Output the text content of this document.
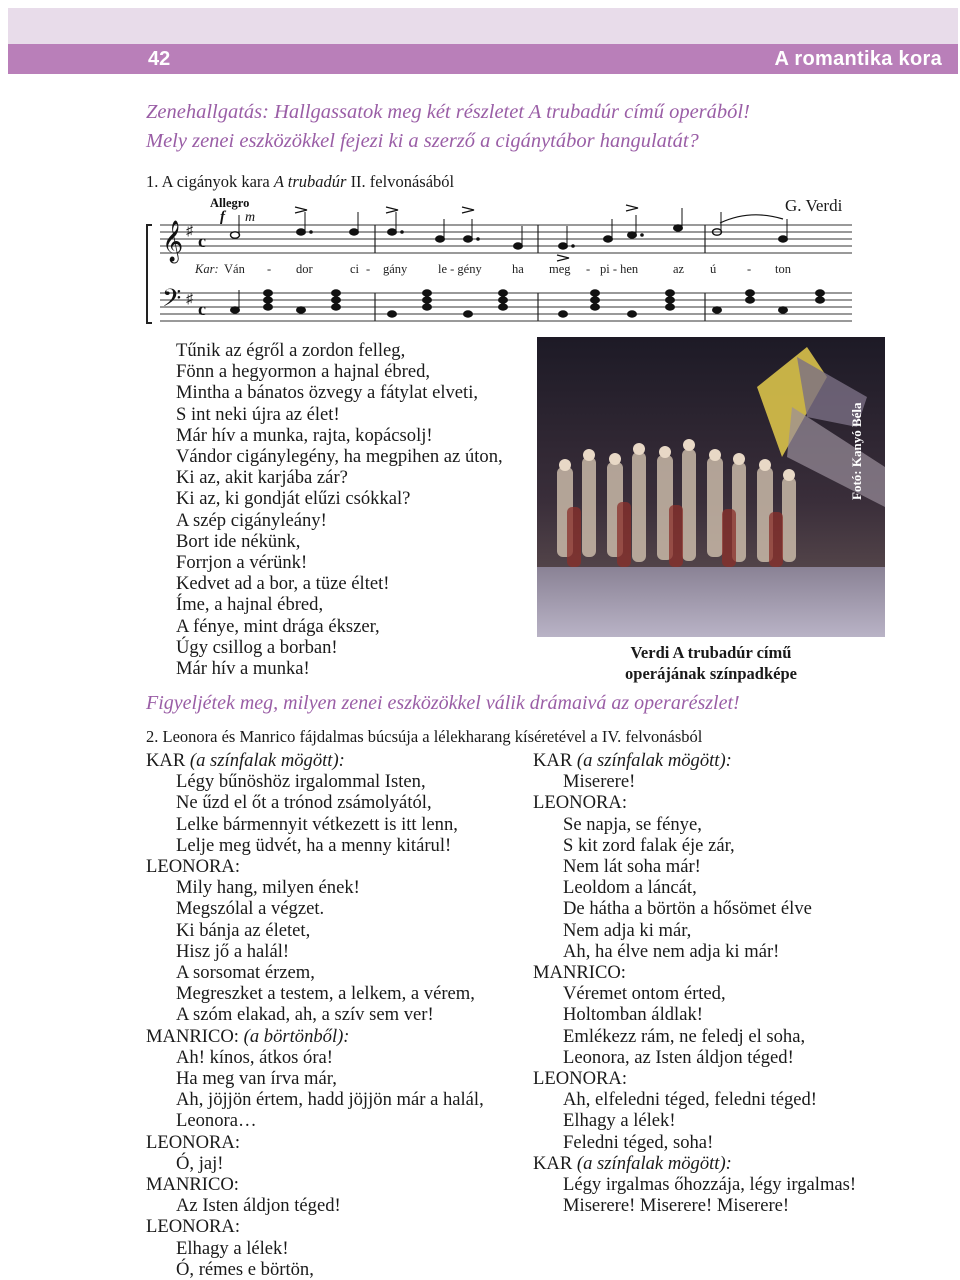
42	A romantika kora
Zenehallgatás: Hallgassatok meg két részletet A trubadúr című operából!
Mely zenei eszközökkel fejezi ki a szerző a cigánytábor hangulatát?
1. A cigányok kara A trubadúr II. felvonásából
G. Verdi
𝄞 ♯ c
𝄢 ♯ c
Allegro
f m
Kar: Ván - dor	ci - gány le - gény ha meg - pi - hen	az ú - ton
Tűnik az égről a zordon felleg,
Fönn a hegyormon a hajnal ébred,
Mintha a bánatos özvegy a fátylat elveti,
S int neki újra az élet!
Már hív a munka, rajta, kopácsolj!
Vándor cigánylegény, ha megpihen az úton,
Ki az, akit karjába zár?
Ki az, ki gondját elűzi csókkal?
A szép cigányleány!
Bort ide nékünk,
Forrjon a vérünk!
Kedvet ad a bor, a tüze éltet!
Íme, a hajnal ébred,
A fénye, mint drága ékszer,
Úgy csillog a borban!
Már hív a munka!
Fotó: Kanyó Béla
Verdi A trubadúr című
operájának színpadképe
Figyeljétek meg, milyen zenei eszközökkel válik drámaivá az operarészlet!
2. Leonora és Manrico fájdalmas búcsúja a lélekharang kíséretével a IV. felvonásból
KAR (a színfalak mögött):
Légy bűnöshöz irgalommal Isten,
Ne űzd el őt a trónod zsámolyától,
Lelke bármennyit vétkezett is itt lenn,
Lelje meg üdvét, ha a menny kitárul!
LEONORA:
Mily hang, milyen ének!
Megszólal a végzet.
Ki bánja az életet,
Hisz jő a halál!
A sorsomat érzem,
Megreszket a testem, a lelkem, a vérem,
A szóm elakad, ah, a szív sem ver!
MANRICO: (a börtönből):
Ah! kínos, átkos óra!
Ha meg van írva már,
Ah, jöjjön értem, hadd jöjjön már a halál,
Leonora…
LEONORA:
Ó, jaj!
MANRICO:
Az Isten áldjon téged!
LEONORA:
Elhagy a lélek!
Ó, rémes e börtön,
KAR (a színfalak mögött):
Miserere!
LEONORA:
Se napja, se fénye,
S kit zord falak éje zár,
Nem lát soha már!
Leoldom a láncát,
De hátha a börtön a hősömet élve
Nem adja ki már,
Ah, ha élve nem adja ki már!
MANRICO:
Véremet ontom érted,
Holtomban áldlak!
Emlékezz rám, ne feledj el soha,
Leonora, az Isten áldjon téged!
LEONORA:
Ah, elfeledni téged, feledni téged!
Elhagy a lélek!
Feledni téged, soha!
KAR (a színfalak mögött):
Légy irgalmas őhozzája, légy irgalmas!
Miserere! Miserere! Miserere!
